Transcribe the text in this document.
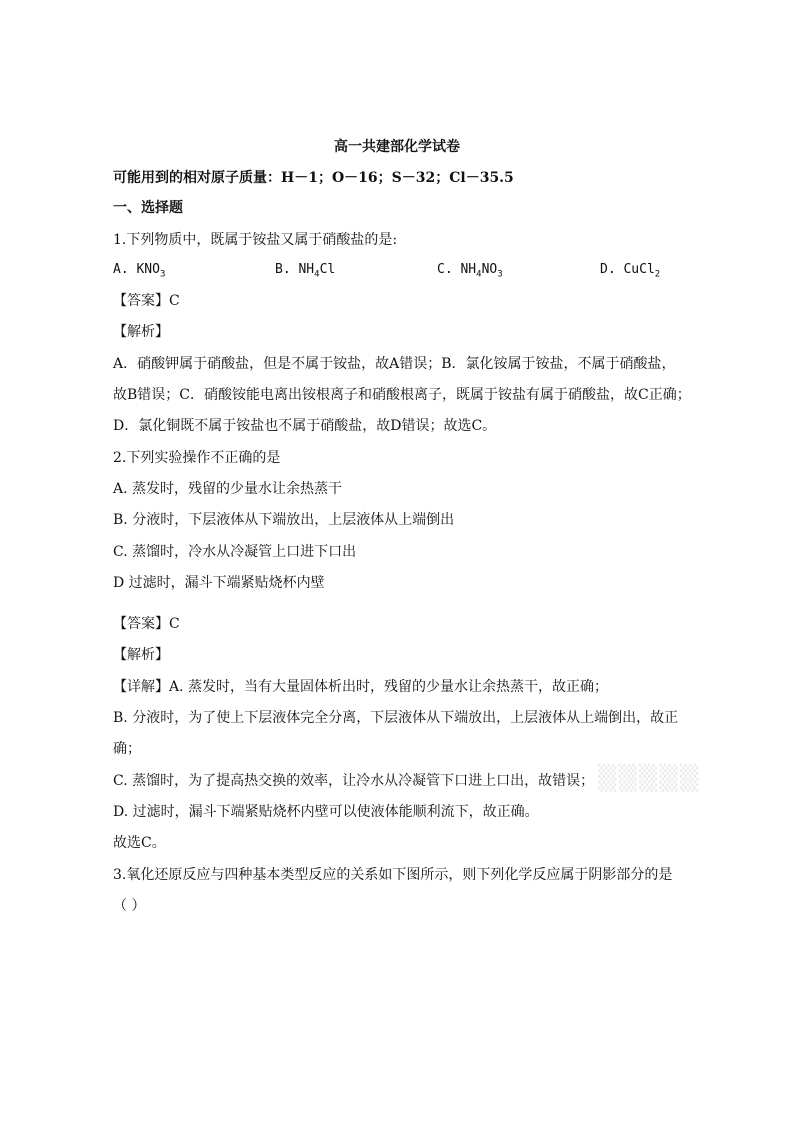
高一共建部化学试卷
可能用到的相对原子质量：H－1；O－16；S－32；Cl－35.5
一、选择题
1.下列物质中，既属于铵盐又属于硝酸盐的是:
A. $KNO_3$	B. $NH_4Cl$	C. $NH_4NO_3$	D. CuCl$_2$
【答案】C
【解析】
A．硝酸钾属于硝酸盐，但是不属于铵盐，故A错误；B．氯化铵属于铵盐，不属于硝酸盐，
故B错误；C．硝酸铵能电离出铵根离子和硝酸根离子，既属于铵盐有属于硝酸盐，故C正确；
D．氯化铜既不属于铵盐也不属于硝酸盐，故D错误；故选C。
2.下列实验操作不正确的是
A. 蒸发时，残留的少量水让余热蒸干
B. 分液时，下层液体从下端放出，上层液体从上端倒出
C. 蒸馏时，冷水从冷凝管上口进下口出
D 过滤时，漏斗下端紧贴烧杯内壁
【答案】C
【解析】
【详解】A. 蒸发时，当有大量固体析出时，残留的少量水让余热蒸干，故正确；
B. 分液时，为了使上下层液体完全分离，下层液体从下端放出，上层液体从上端倒出，故正
确；
C. 蒸馏时，为了提高热交换的效率，让冷水从冷凝管下口进上口出，故错误；
D. 过滤时，漏斗下端紧贴烧杯内壁可以使液体能顺利流下，故正确。
故选C。
3.氧化还原反应与四种基本类型反应的关系如下图所示，则下列化学反应属于阴影部分的是
（ ）
▒▒▒▒▒
